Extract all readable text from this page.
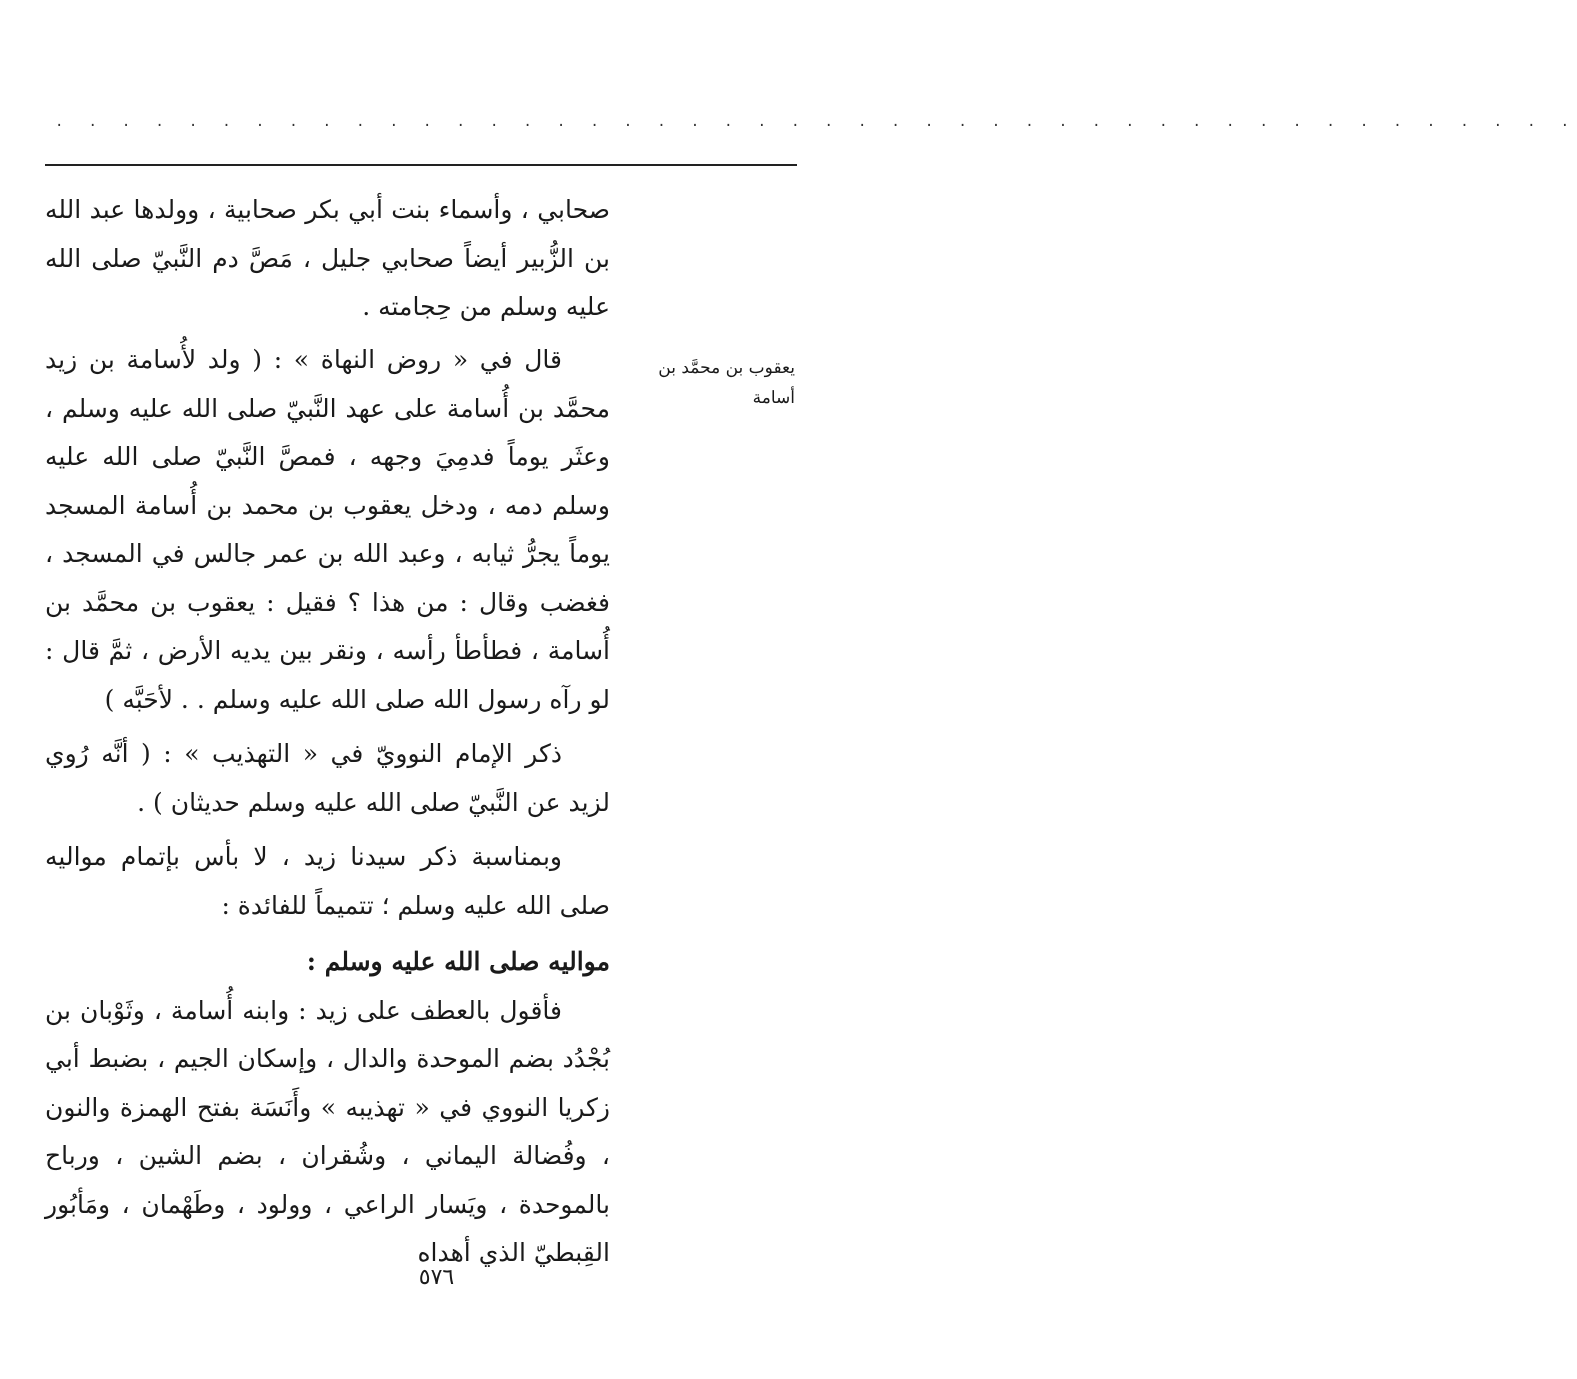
. . . . . . . . . . . . . . . . . . . . . . . . . . . . . . . . . . . . . . . . . . . . . .
يعقوب بن محمَّد بن
أسامة

صحابي ، وأسماء بنت أبي بكر صحابية ، وولدها عبد الله بن الزُّبير أيضاً صحابي جليل ، مَصَّ دم النَّبيّ صلى الله عليه وسلم من حِجامته .

قال في « روض النهاة » : ( ولد لأُسامة بن زيد محمَّد بن أُسامة على عهد النَّبيّ صلى الله عليه وسلم ، وعثَر يوماً فدمِيَ وجهه ، فمصَّ النَّبيّ صلى الله عليه وسلم دمه ، ودخل يعقوب بن محمد بن أُسامة المسجد يوماً يجرُّ ثيابه ، وعبد الله بن عمر جالس في المسجد ، فغضب وقال : من هذا ؟ فقيل : يعقوب بن محمَّد بن أُسامة ، فطأطأ رأسه ، ونقر بين يديه الأرض ، ثمَّ قال : لو رآه رسول الله صلى الله عليه وسلم . . لأحَبَّه )

ذكر الإمام النوويّ في « التهذيب » : ( أنَّه رُوي لزيد عن النَّبيّ صلى الله عليه وسلم حديثان ) .

وبمناسبة ذكر سيدنا زيد ، لا بأس بإتمام مواليه صلى الله عليه وسلم ؛ تتميماً للفائدة :

مواليه صلى الله عليه وسلم :

فأقول بالعطف على زيد : وابنه أُسامة ، وثَوْبان بن بُجْدُد بضم الموحدة والدال ، وإسكان الجيم ، بضبط أبي زكريا النووي في « تهذيبه » وأَنَسَة بفتح الهمزة والنون ، وفُضالة اليماني ، وشُقران ، بضم الشين ، ورباح بالموحدة ، ويَسار الراعي ، وولود ، وطَهْمان ، ومَأبُور القِبطيّ الذي أهداه

٥٧٦
